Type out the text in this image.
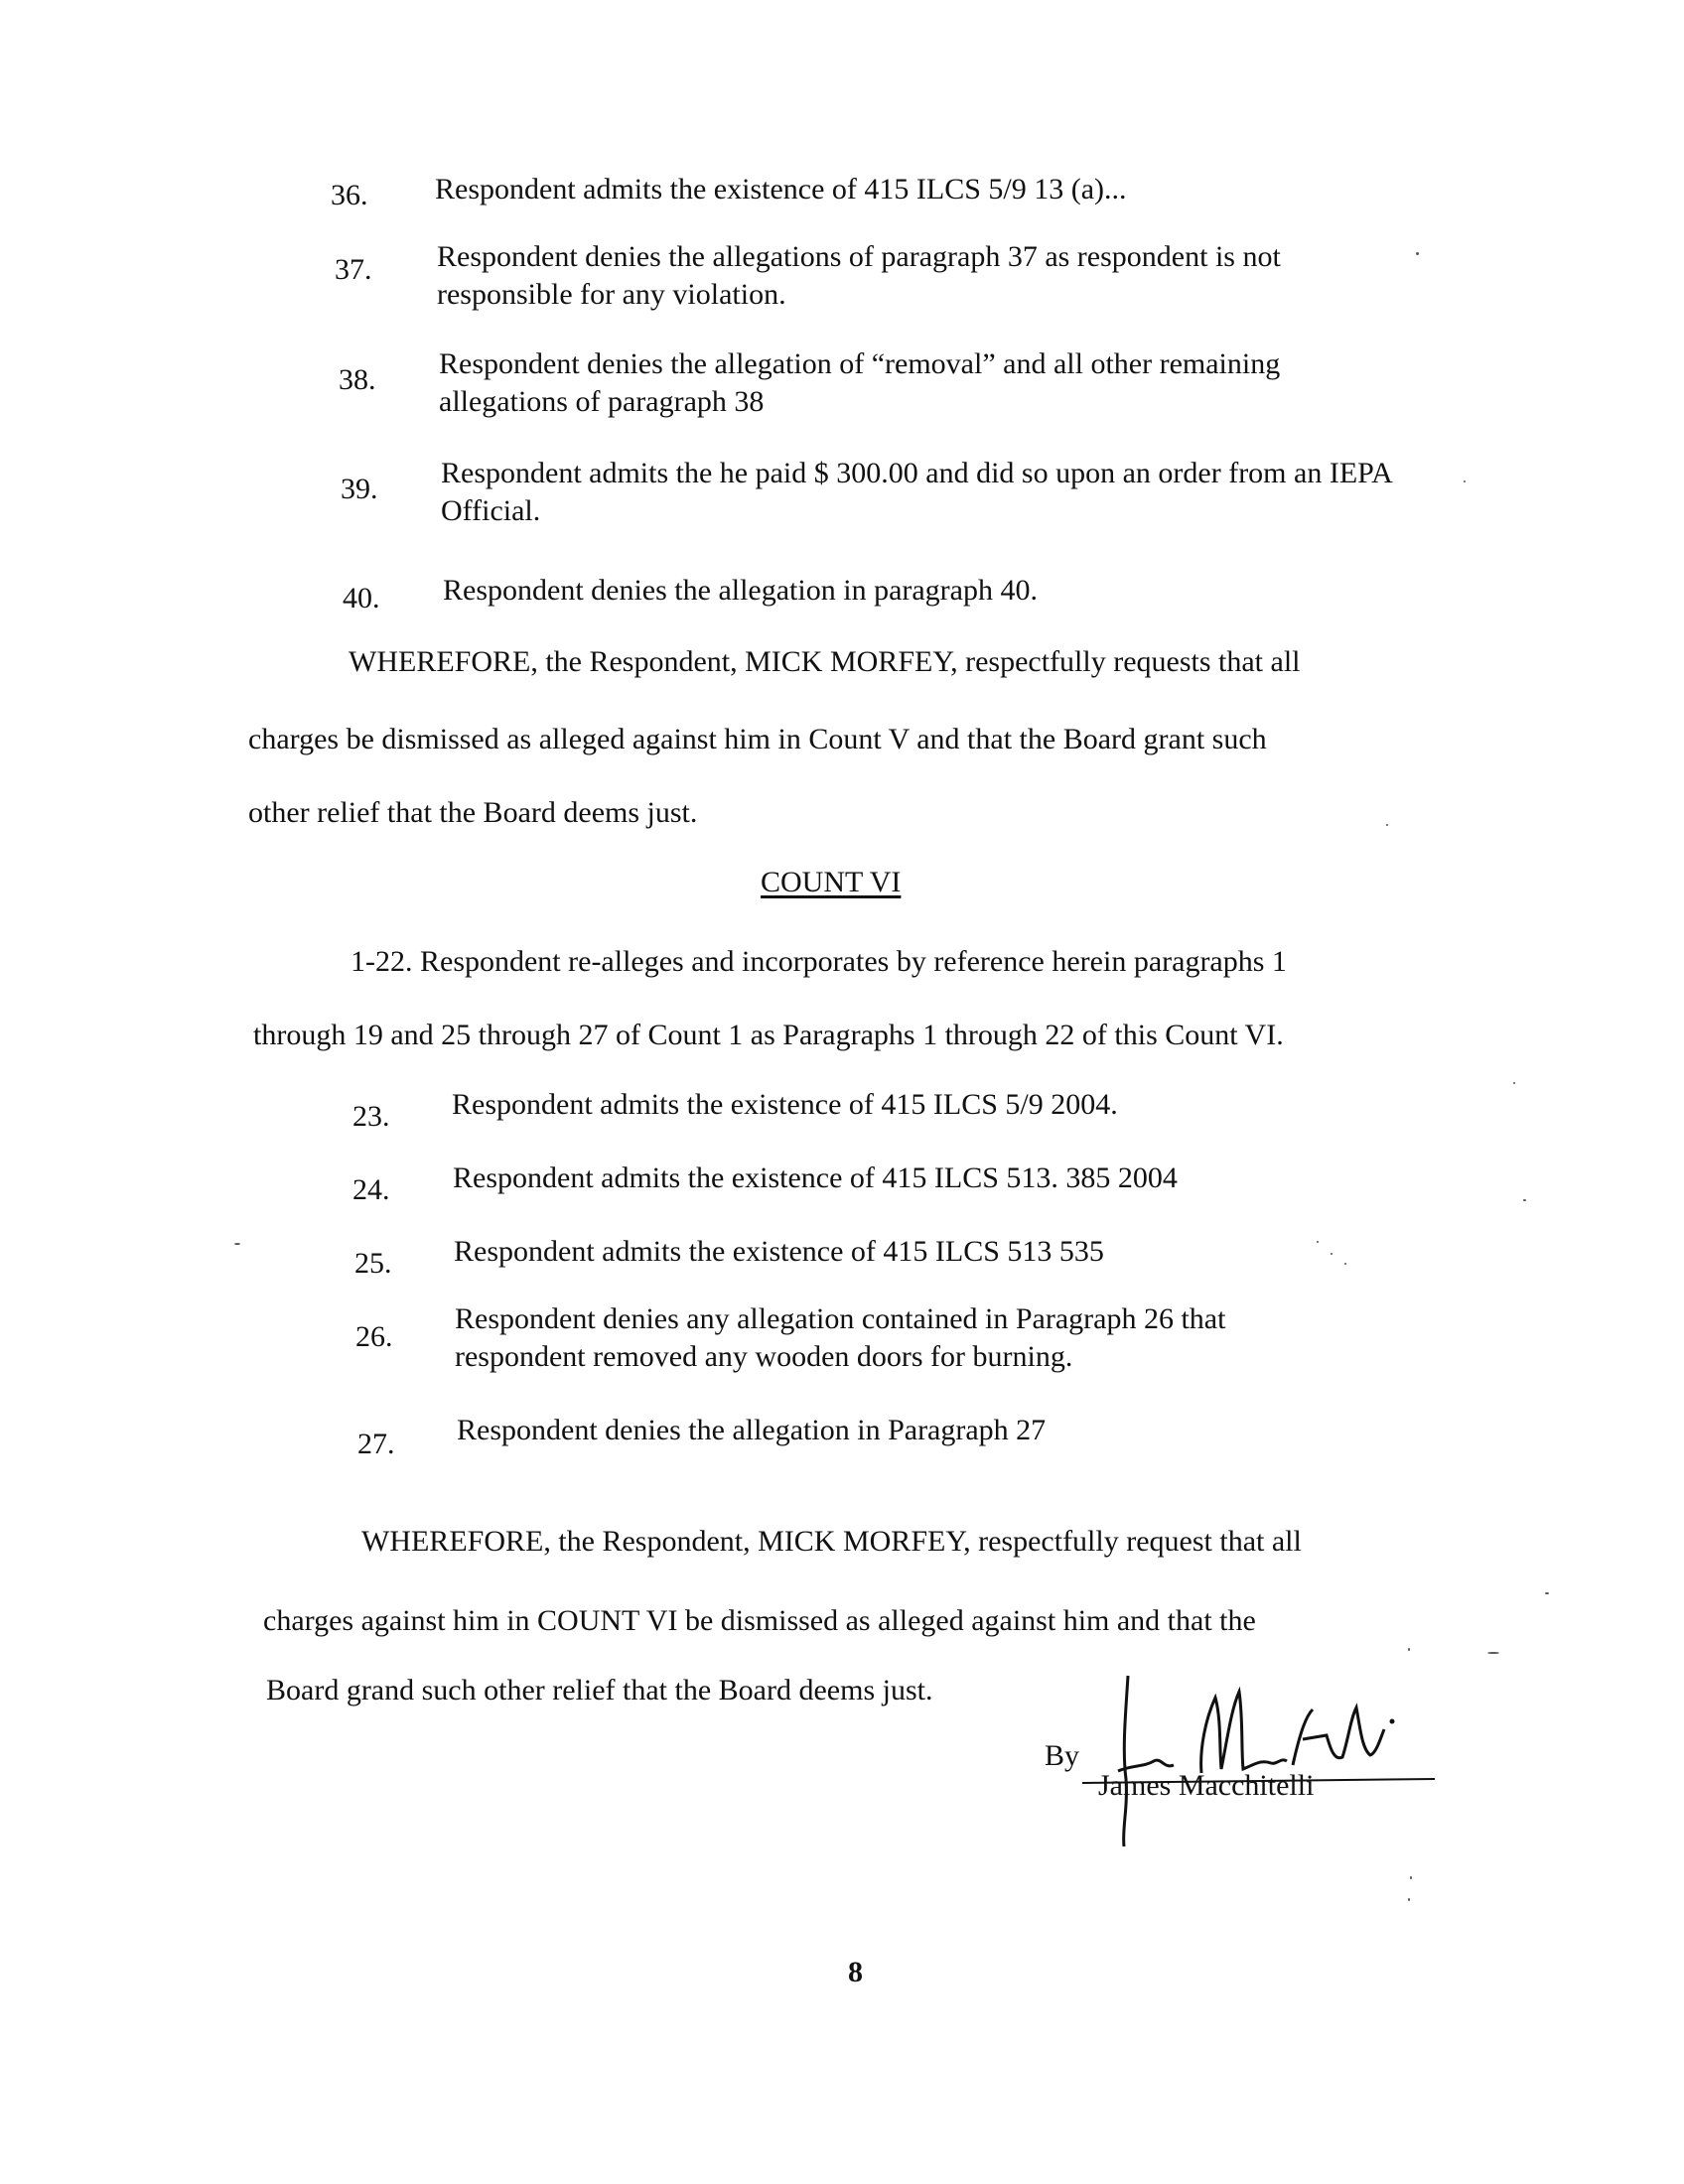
36. Respondent admits the existence of 415 ILCS 5/9 13 (a)...
37. Respondent denies the allegations of paragraph 37 as respondent is not responsible for any violation.
38. Respondent denies the allegation of “removal” and all other remaining allegations of paragraph 38
39. Respondent admits the he paid $ 300.00 and did so upon an order from an IEPA Official.
40. Respondent denies the allegation in paragraph 40.
WHEREFORE, the Respondent, MICK MORFEY, respectfully requests that all
charges be dismissed as alleged against him in Count V and that the Board grant such
other relief that the Board deems just.
COUNT VI
1-22. Respondent re-alleges and incorporates by reference herein paragraphs 1
through 19 and 25 through 27 of Count 1 as Paragraphs 1 through 22 of this Count VI.
23. Respondent admits the existence of 415 ILCS 5/9 2004.
24. Respondent admits the existence of 415 ILCS 513. 385 2004
25. Respondent admits the existence of 415 ILCS 513 535
26.
Respondent denies any allegation contained in Paragraph 26 that respondent removed any wooden doors for burning.
27. Respondent denies the allegation in Paragraph 27
WHEREFORE, the Respondent, MICK MORFEY, respectfully request that all
charges against him in COUNT VI be dismissed as alleged against him and that the
Board grand such other relief that the Board deems just.
By
James Macchitelli
8
